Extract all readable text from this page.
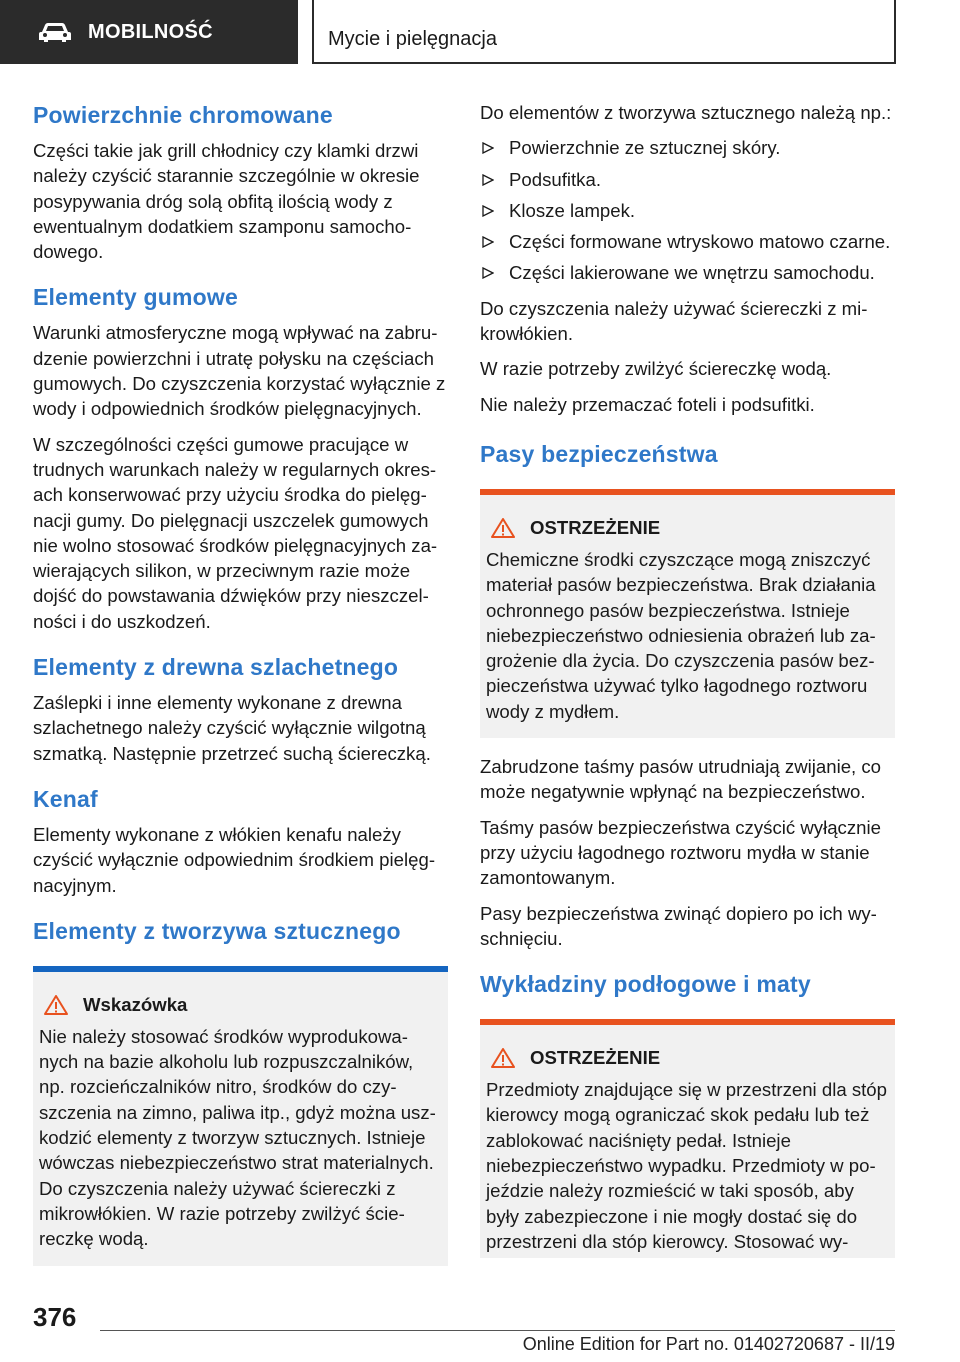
MOBILNOŚĆ	Mycie i pielęgnacja
Powierzchnie chromowane

Części takie jak grill chłodnicy czy klamki drzwi należy czyścić starannie szczególnie w okresie posypywania dróg solą obfitą ilością wody z ewentualnym dodatkiem szamponu samochodowego.

Elementy gumowe

Warunki atmosferyczne mogą wpływać na zabrudzenie powierzchni i utratę połysku na częściach gumowych. Do czyszczenia korzystać wyłącznie z wody i odpowiednich środków pielęgnacyjnych.

W szczególności części gumowe pracujące w trudnych warunkach należy w regularnych okresach konserwować przy użyciu środka do pielęgnacji gumy. Do pielęgnacji uszczelek gumowych nie wolno stosować środków pielęgnacyjnych zawierających silikon, w przeciwnym razie może dojść do powstawania dźwięków przy nieszczelności i do uszkodzeń.

Elementy z drewna szlachetnego

Zaślepki i inne elementy wykonane z drewna szlachetnego należy czyścić wyłącznie wilgotną szmatką. Następnie przetrzeć suchą ściereczką.

Kenaf

Elementy wykonane z włókien kenafu należy czyścić wyłącznie odpowiednim środkiem pielęgnacyjnym.

Elementy z tworzywa sztucznego
Wskazówka

Nie należy stosować środków wyprodukowanych na bazie alkoholu lub rozpuszczalników, np. rozcieńczalników nitro, środków do czyszczenia na zimno, paliwa itp., gdyż można uszkodzić elementy z tworzyw sztucznych. Istnieje wówczas niebezpieczeństwo strat materialnych. Do czyszczenia należy używać ściereczki z mikrowłókien. W razie potrzeby zwilżyć ściereczkę wodą.

Do elementów z tworzywa sztucznego należą np.:

Powierzchnie ze sztucznej skóry.
Podsufitka.
Klosze lampek.
Części formowane wtryskowo matowo czarne.
Części lakierowane we wnętrzu samochodu.

Do czyszczenia należy używać ściereczki z mikrowłókien.

W razie potrzeby zwilżyć ściereczkę wodą.

Nie należy przemaczać foteli i podsufitki.

Pasy bezpieczeństwa
OSTRZEŻENIE

Chemiczne środki czyszczące mogą zniszczyć materiał pasów bezpieczeństwa. Brak działania ochronnego pasów bezpieczeństwa. Istnieje niebezpieczeństwo odniesienia obrażeń lub zagrożenie dla życia. Do czyszczenia pasów bezpieczeństwa używać tylko łagodnego roztworu wody z mydłem.

Zabrudzone taśmy pasów utrudniają zwijanie, co może negatywnie wpłynąć na bezpieczeństwo.

Taśmy pasów bezpieczeństwa czyścić wyłącznie przy użyciu łagodnego roztworu mydła w stanie zamontowanym.

Pasy bezpieczeństwa zwinąć dopiero po ich wyschnięciu.

Wykładziny podłogowe i maty
OSTRZEŻENIE

Przedmioty znajdujące się w przestrzeni dla stóp kierowcy mogą ograniczać skok pedału lub też zablokować naciśnięty pedał. Istnieje niebezpieczeństwo wypadku. Przedmioty w pojeździe należy rozmieścić w taki sposób, aby były zabezpieczone i nie mogły dostać się do przestrzeni dla stóp kierowcy. Stosować wy-

376
Online Edition for Part no. 01402720687 - II/19
